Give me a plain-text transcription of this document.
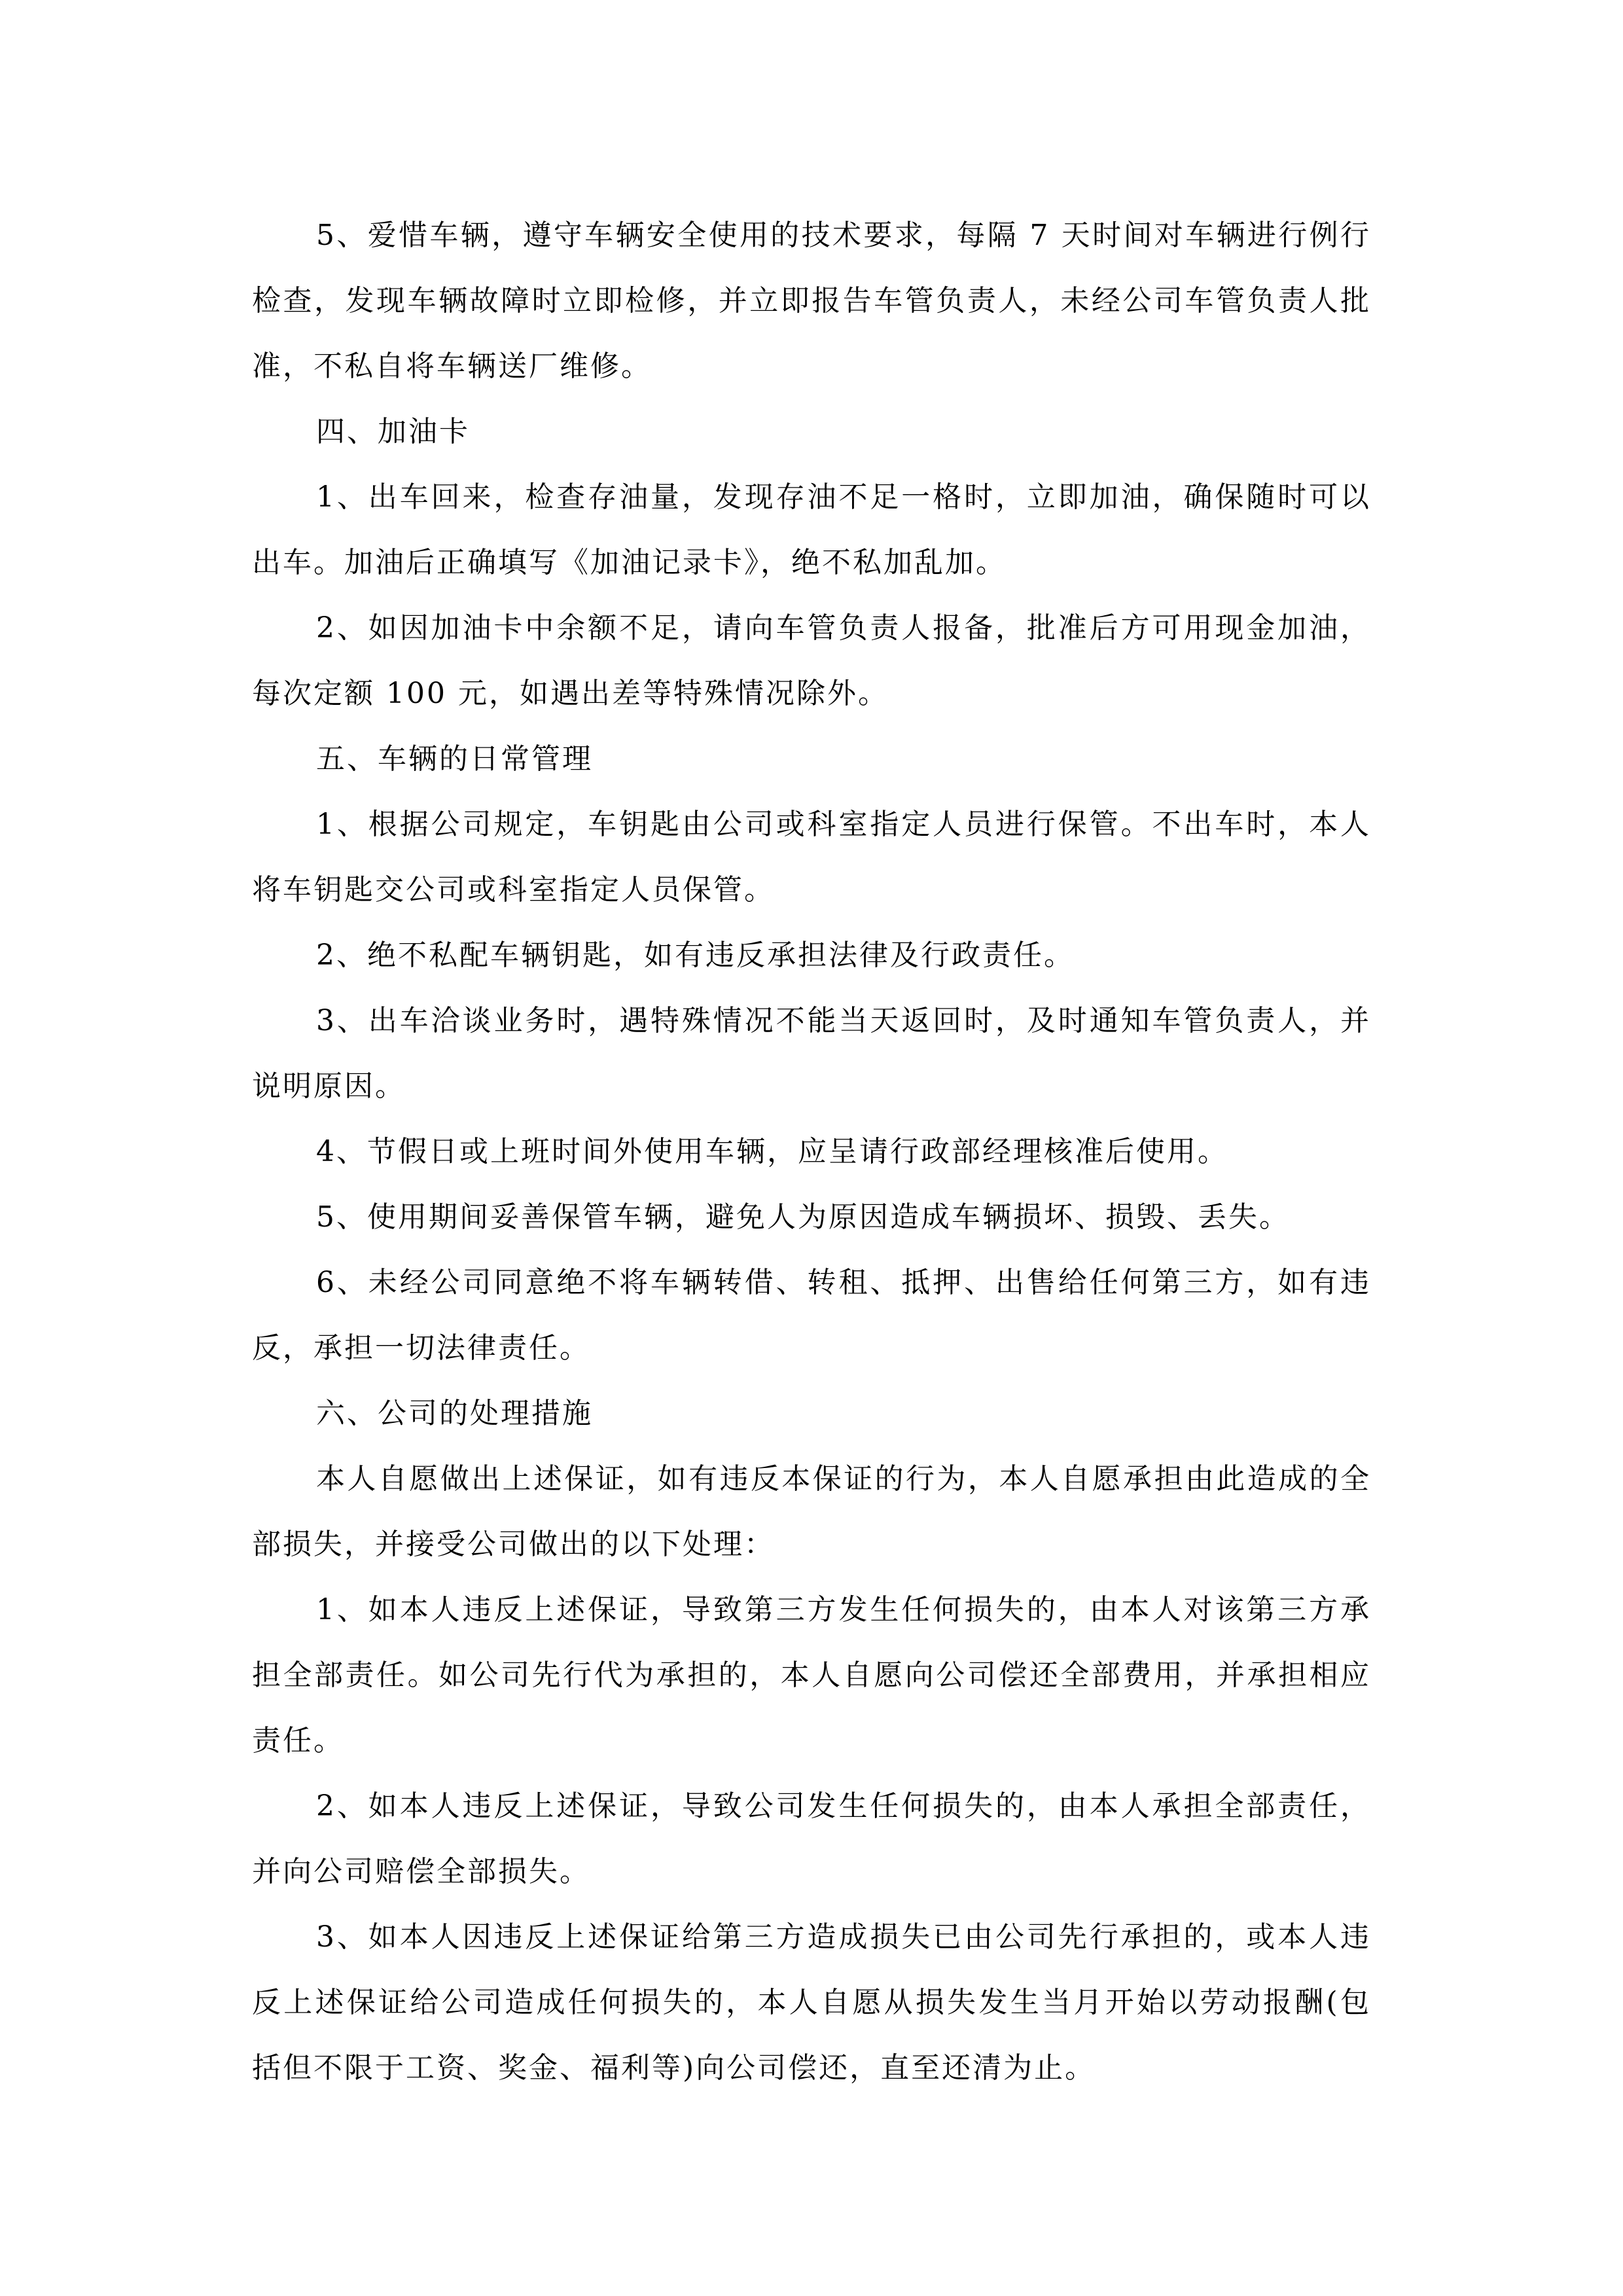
5、爱惜车辆，遵守车辆安全使用的技术要求，每隔 7 天时间对车辆进行例行检查，发现车辆故障时立即检修，并立即报告车管负责人，未经公司车管负责人批准，不私自将车辆送厂维修。

四、加油卡

1、出车回来，检查存油量，发现存油不足一格时，立即加油，确保随时可以出车。加油后正确填写《加油记录卡》，绝不私加乱加。

2、如因加油卡中余额不足，请向车管负责人报备，批准后方可用现金加油，每次定额 100 元，如遇出差等特殊情况除外。

五、车辆的日常管理

1、根据公司规定，车钥匙由公司或科室指定人员进行保管。不出车时，本人将车钥匙交公司或科室指定人员保管。

2、绝不私配车辆钥匙，如有违反承担法律及行政责任。

3、出车洽谈业务时，遇特殊情况不能当天返回时，及时通知车管负责人，并说明原因。

4、节假日或上班时间外使用车辆，应呈请行政部经理核准后使用。

5、使用期间妥善保管车辆，避免人为原因造成车辆损坏、损毁、丢失。

6、未经公司同意绝不将车辆转借、转租、抵押、出售给任何第三方，如有违反，承担一切法律责任。

六、公司的处理措施

本人自愿做出上述保证，如有违反本保证的行为，本人自愿承担由此造成的全部损失，并接受公司做出的以下处理：

1、如本人违反上述保证，导致第三方发生任何损失的，由本人对该第三方承担全部责任。如公司先行代为承担的，本人自愿向公司偿还全部费用，并承担相应责任。

2、如本人违反上述保证，导致公司发生任何损失的，由本人承担全部责任，并向公司赔偿全部损失。

3、如本人因违反上述保证给第三方造成损失已由公司先行承担的，或本人违反上述保证给公司造成任何损失的，本人自愿从损失发生当月开始以劳动报酬(包括但不限于工资、奖金、福利等)向公司偿还，直至还清为止。
